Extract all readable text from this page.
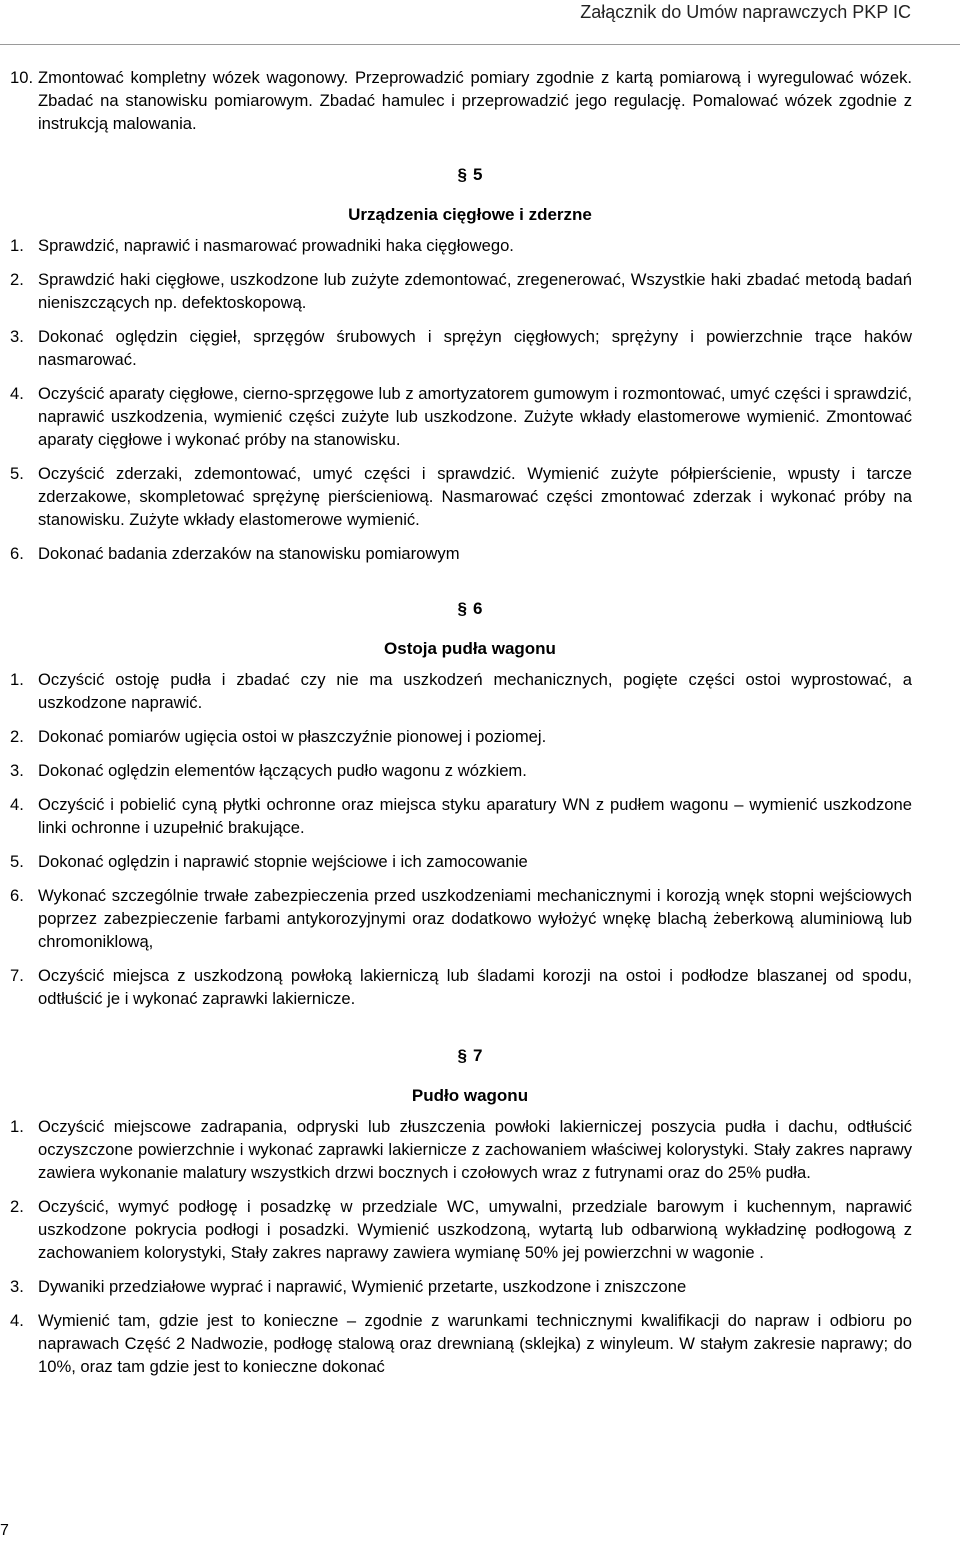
Załącznik do Umów naprawczych PKP IC
10. Zmontować kompletny wózek wagonowy. Przeprowadzić pomiary zgodnie z kartą pomiarową i wyregulować wózek. Zbadać na stanowisku pomiarowym. Zbadać hamulec i przeprowadzić jego regulację. Pomalować wózek zgodnie z instrukcją malowania.
§ 5
Urządzenia cięgłowe i zderzne
1. Sprawdzić, naprawić i nasmarować prowadniki haka cięgłowego.
2. Sprawdzić haki cięgłowe, uszkodzone lub zużyte zdemontować, zregenerować, Wszystkie haki zbadać metodą badań nieniszczących np. defektoskopową.
3. Dokonać oględzin cięgieł, sprzęgów śrubowych i sprężyn cięgłowych; sprężyny i powierzchnie trące haków nasmarować.
4. Oczyścić aparaty cięgłowe, cierno-sprzęgowe lub z amortyzatorem gumowym i rozmontować, umyć części i sprawdzić, naprawić uszkodzenia, wymienić części zużyte lub uszkodzone. Zużyte wkłady elastomerowe wymienić. Zmontować aparaty cięgłowe i wykonać próby na stanowisku.
5. Oczyścić zderzaki, zdemontować, umyć części i sprawdzić. Wymienić zużyte półpierścienie, wpusty i tarcze zderzakowe, skompletować sprężynę pierścieniową. Nasmarować części zmontować zderzak i wykonać próby na stanowisku. Zużyte wkłady elastomerowe wymienić.
6. Dokonać badania zderzaków na stanowisku pomiarowym
§ 6
Ostoja pudła wagonu
1. Oczyścić ostoję pudła i zbadać czy nie ma uszkodzeń mechanicznych, pogięte części ostoi wyprostować, a uszkodzone naprawić.
2. Dokonać pomiarów ugięcia ostoi w płaszczyźnie pionowej i poziomej.
3. Dokonać oględzin elementów łączących pudło wagonu z wózkiem.
4. Oczyścić i pobielić cyną płytki ochronne oraz miejsca styku aparatury WN z pudłem wagonu – wymienić uszkodzone linki ochronne i uzupełnić brakujące.
5. Dokonać oględzin i naprawić stopnie wejściowe i ich zamocowanie
6. Wykonać szczególnie trwałe zabezpieczenia przed uszkodzeniami mechanicznymi i korozją wnęk stopni wejściowych poprzez zabezpieczenie farbami antykorozyjnymi oraz dodatkowo wyłożyć wnękę blachą żeberkową aluminiową lub chromoniklową,
7. Oczyścić miejsca z uszkodzoną powłoką lakierniczą lub śladami korozji na ostoi i podłodze blaszanej od spodu, odtłuścić je i wykonać zaprawki lakiernicze.
§ 7
Pudło wagonu
1. Oczyścić miejscowe zadrapania, odpryski lub złuszczenia powłoki lakierniczej poszycia pudła i dachu, odtłuścić oczyszczone powierzchnie i wykonać zaprawki lakiernicze z zachowaniem właściwej kolorystyki. Stały zakres naprawy zawiera wykonanie malatury wszystkich drzwi bocznych i czołowych wraz z futrynami oraz do 25% pudła.
2. Oczyścić, wymyć podłogę i posadzkę w przedziale WC, umywalni, przedziale barowym i kuchennym, naprawić uszkodzone pokrycia podłogi i posadzki. Wymienić uszkodzoną, wytartą lub odbarwioną wykładzinę podłogową z zachowaniem kolorystyki, Stały zakres naprawy zawiera wymianę 50% jej powierzchni w wagonie .
3. Dywaniki przedziałowe wyprać i naprawić, Wymienić przetarte, uszkodzone i zniszczone
4. Wymienić tam, gdzie jest to konieczne – zgodnie z warunkami technicznymi kwalifikacji do napraw i odbioru po naprawach Część 2 Nadwozie, podłogę stalową oraz drewnianą (sklejka) z winyleum. W stałym zakresie naprawy; do 10%, oraz tam gdzie jest to konieczne dokonać
7
